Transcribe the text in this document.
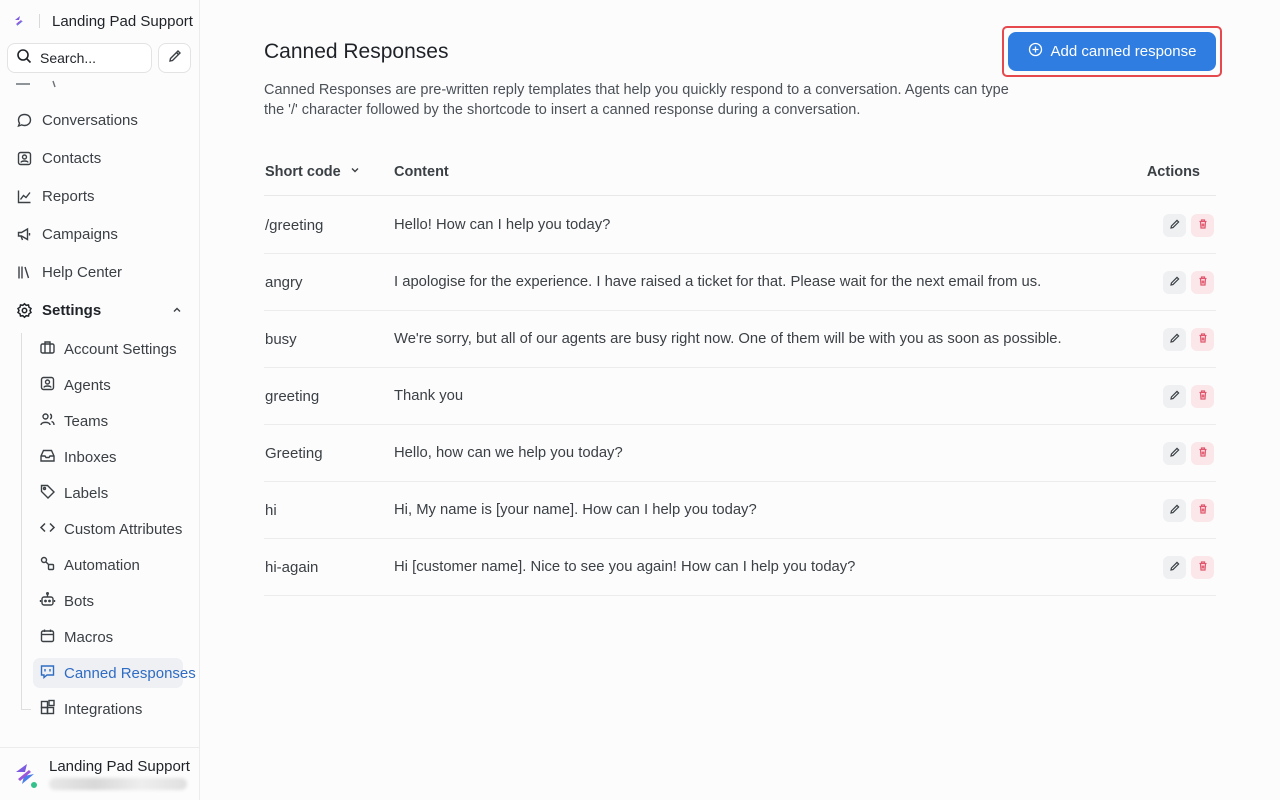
Landing Pad Support
Search...
Conversations
Contacts
Reports
Campaigns
Help Center
Settings
Account Settings
Agents
Teams
Inboxes
Labels
Custom Attributes
Automation
Bots
Macros
Canned Responses
Integrations
Landing Pad Support
Canned Responses	Add canned response

Canned Responses are pre-written reply templates that help you quickly respond to a conversation. Agents can type the '/' character followed by the shortcode to insert a canned response during a conversation.

Short code	Content	Actions
/greeting	Hello! How can I help you today?
angry	I apologise for the experience. I have raised a ticket for that. Please wait for the next email from us.
busy	We're sorry, but all of our agents are busy right now. One of them will be with you as soon as possible.
greeting	Thank you
Greeting	Hello, how can we help you today?
hi	Hi, My name is [your name]. How can I help you today?
hi-again	Hi [customer name]. Nice to see you again! How can I help you today?
